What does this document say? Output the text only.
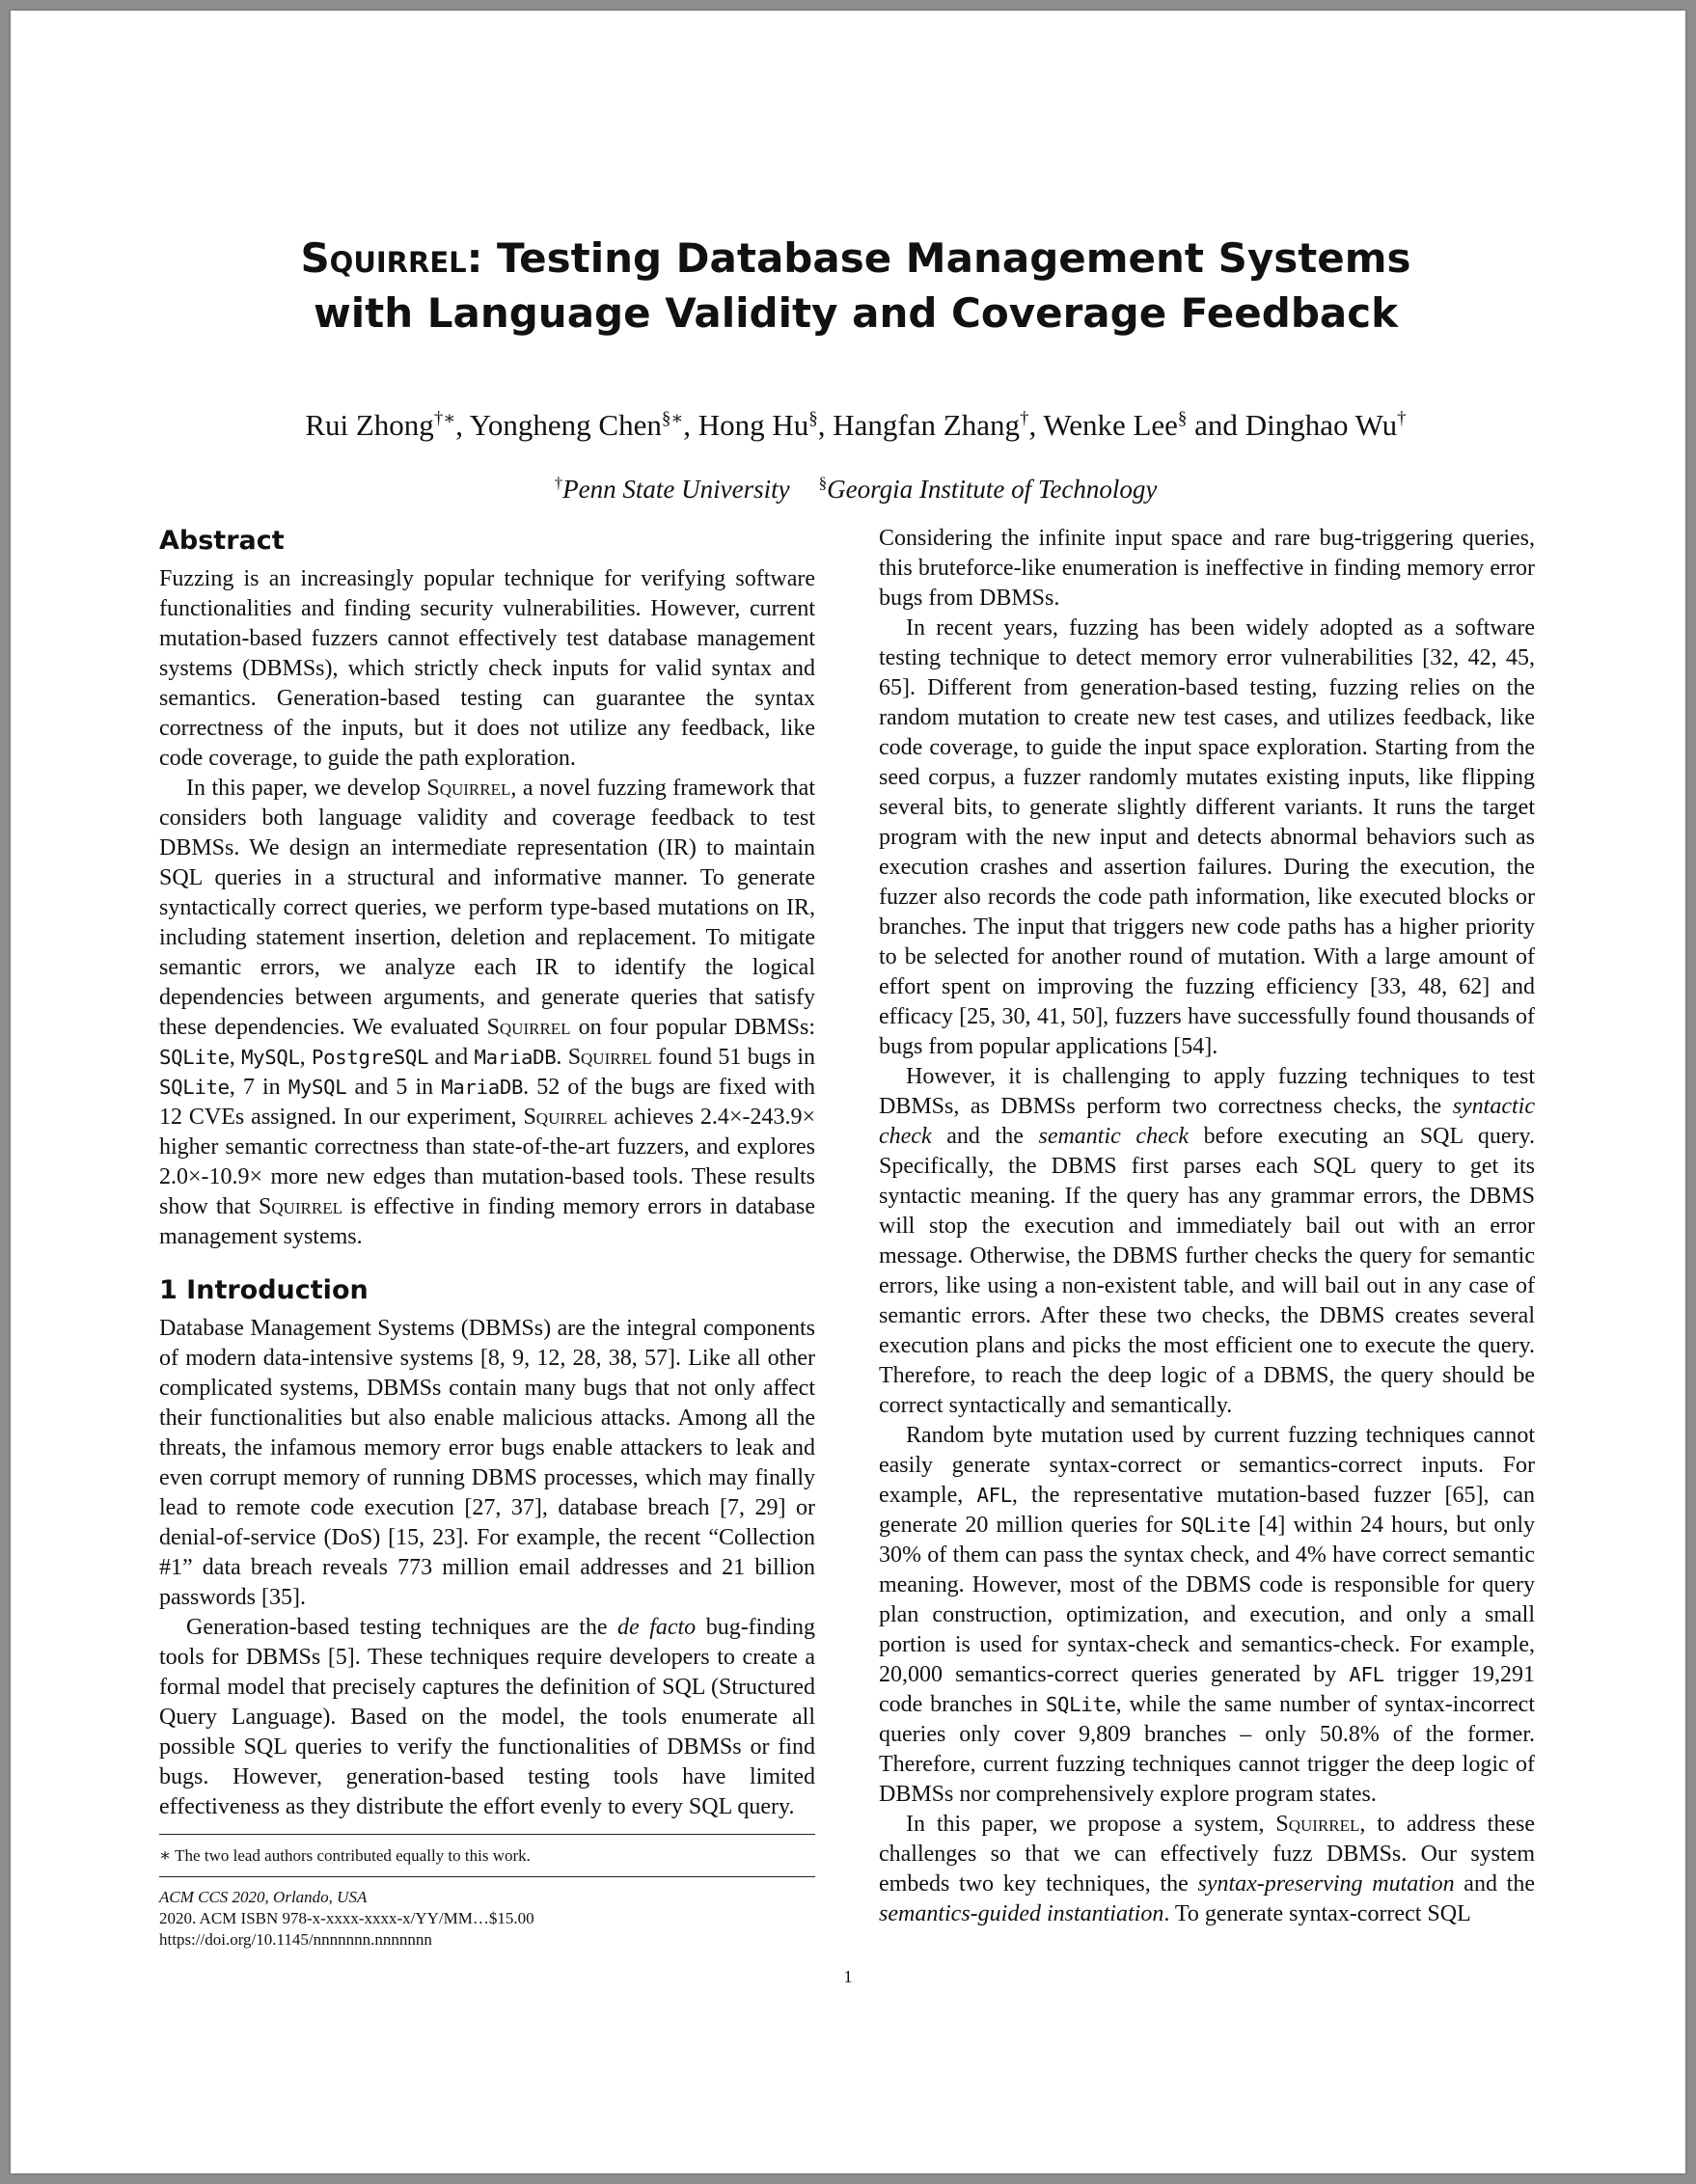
Squirrel: Testing Database Management Systems
with Language Validity and Coverage Feedback
Rui Zhong†∗, Yongheng Chen§∗, Hong Hu§, Hangfan Zhang†, Wenke Lee§ and Dinghao Wu†
†Penn State University §Georgia Institute of Technology
Abstract

Fuzzing is an increasingly popular technique for verifying software functionalities and finding security vulnerabilities. However, current mutation-based fuzzers cannot effectively test database management systems (DBMSs), which strictly check inputs for valid syntax and semantics. Generation-based testing can guarantee the syntax correctness of the inputs, but it does not utilize any feedback, like code coverage, to guide the path exploration.

In this paper, we develop Squirrel, a novel fuzzing framework that considers both language validity and coverage feedback to test DBMSs. We design an intermediate representation (IR) to maintain SQL queries in a structural and informative manner. To generate syntactically correct queries, we perform type-based mutations on IR, including statement insertion, deletion and replacement. To mitigate semantic errors, we analyze each IR to identify the logical dependencies between arguments, and generate queries that satisfy these dependencies. We evaluated Squirrel on four popular DBMSs: SQLite, MySQL, PostgreSQL and MariaDB. Squirrel found 51 bugs in SQLite, 7 in MySQL and 5 in MariaDB. 52 of the bugs are fixed with 12 CVEs assigned. In our experiment, Squirrel achieves 2.4×-243.9× higher semantic correctness than state-of-the-art fuzzers, and explores 2.0×-10.9× more new edges than mutation-based tools. These results show that Squirrel is effective in finding memory errors in database management systems.

1 Introduction

Database Management Systems (DBMSs) are the integral components of modern data-intensive systems [8, 9, 12, 28, 38, 57]. Like all other complicated systems, DBMSs contain many bugs that not only affect their functionalities but also enable malicious attacks. Among all the threats, the infamous memory error bugs enable attackers to leak and even corrupt memory of running DBMS processes, which may finally lead to remote code execution [27, 37], database breach [7, 29] or denial-of-service (DoS) [15, 23]. For example, the recent “Collection #1” data breach reveals 773 million email addresses and 21 billion passwords [35].

Generation-based testing techniques are the de facto bug-finding tools for DBMSs [5]. These techniques require developers to create a formal model that precisely captures the definition of SQL (Structured Query Language). Based on the model, the tools enumerate all possible SQL queries to verify the functionalities of DBMSs or find bugs. However, generation-based testing tools have limited effectiveness as they distribute the effort evenly to every SQL query.

∗ The two lead authors contributed equally to this work.
ACM CCS 2020, Orlando, USA
2020. ACM ISBN 978-x-xxxx-xxxx-x/YY/MM…$15.00
https://doi.org/10.1145/nnnnnnn.nnnnnnn

Considering the infinite input space and rare bug-triggering queries, this bruteforce-like enumeration is ineffective in finding memory error bugs from DBMSs.

In recent years, fuzzing has been widely adopted as a software testing technique to detect memory error vulnerabilities [32, 42, 45, 65]. Different from generation-based testing, fuzzing relies on the random mutation to create new test cases, and utilizes feedback, like code coverage, to guide the input space exploration. Starting from the seed corpus, a fuzzer randomly mutates existing inputs, like flipping several bits, to generate slightly different variants. It runs the target program with the new input and detects abnormal behaviors such as execution crashes and assertion failures. During the execution, the fuzzer also records the code path information, like executed blocks or branches. The input that triggers new code paths has a higher priority to be selected for another round of mutation. With a large amount of effort spent on improving the fuzzing efficiency [33, 48, 62] and efficacy [25, 30, 41, 50], fuzzers have successfully found thousands of bugs from popular applications [54].

However, it is challenging to apply fuzzing techniques to test DBMSs, as DBMSs perform two correctness checks, the syntactic check and the semantic check before executing an SQL query. Specifically, the DBMS first parses each SQL query to get its syntactic meaning. If the query has any grammar errors, the DBMS will stop the execution and immediately bail out with an error message. Otherwise, the DBMS further checks the query for semantic errors, like using a non-existent table, and will bail out in any case of semantic errors. After these two checks, the DBMS creates several execution plans and picks the most efficient one to execute the query. Therefore, to reach the deep logic of a DBMS, the query should be correct syntactically and semantically.

Random byte mutation used by current fuzzing techniques cannot easily generate syntax-correct or semantics-correct inputs. For example, AFL, the representative mutation-based fuzzer [65], can generate 20 million queries for SQLite [4] within 24 hours, but only 30% of them can pass the syntax check, and 4% have correct semantic meaning. However, most of the DBMS code is responsible for query plan construction, optimization, and execution, and only a small portion is used for syntax-check and semantics-check. For example, 20,000 semantics-correct queries generated by AFL trigger 19,291 code branches in SQLite, while the same number of syntax-incorrect queries only cover 9,809 branches – only 50.8% of the former. Therefore, current fuzzing techniques cannot trigger the deep logic of DBMSs nor comprehensively explore program states.

In this paper, we propose a system, Squirrel, to address these challenges so that we can effectively fuzz DBMSs. Our system embeds two key techniques, the syntax-preserving mutation and the semantics-guided instantiation. To generate syntax-correct SQL

1
